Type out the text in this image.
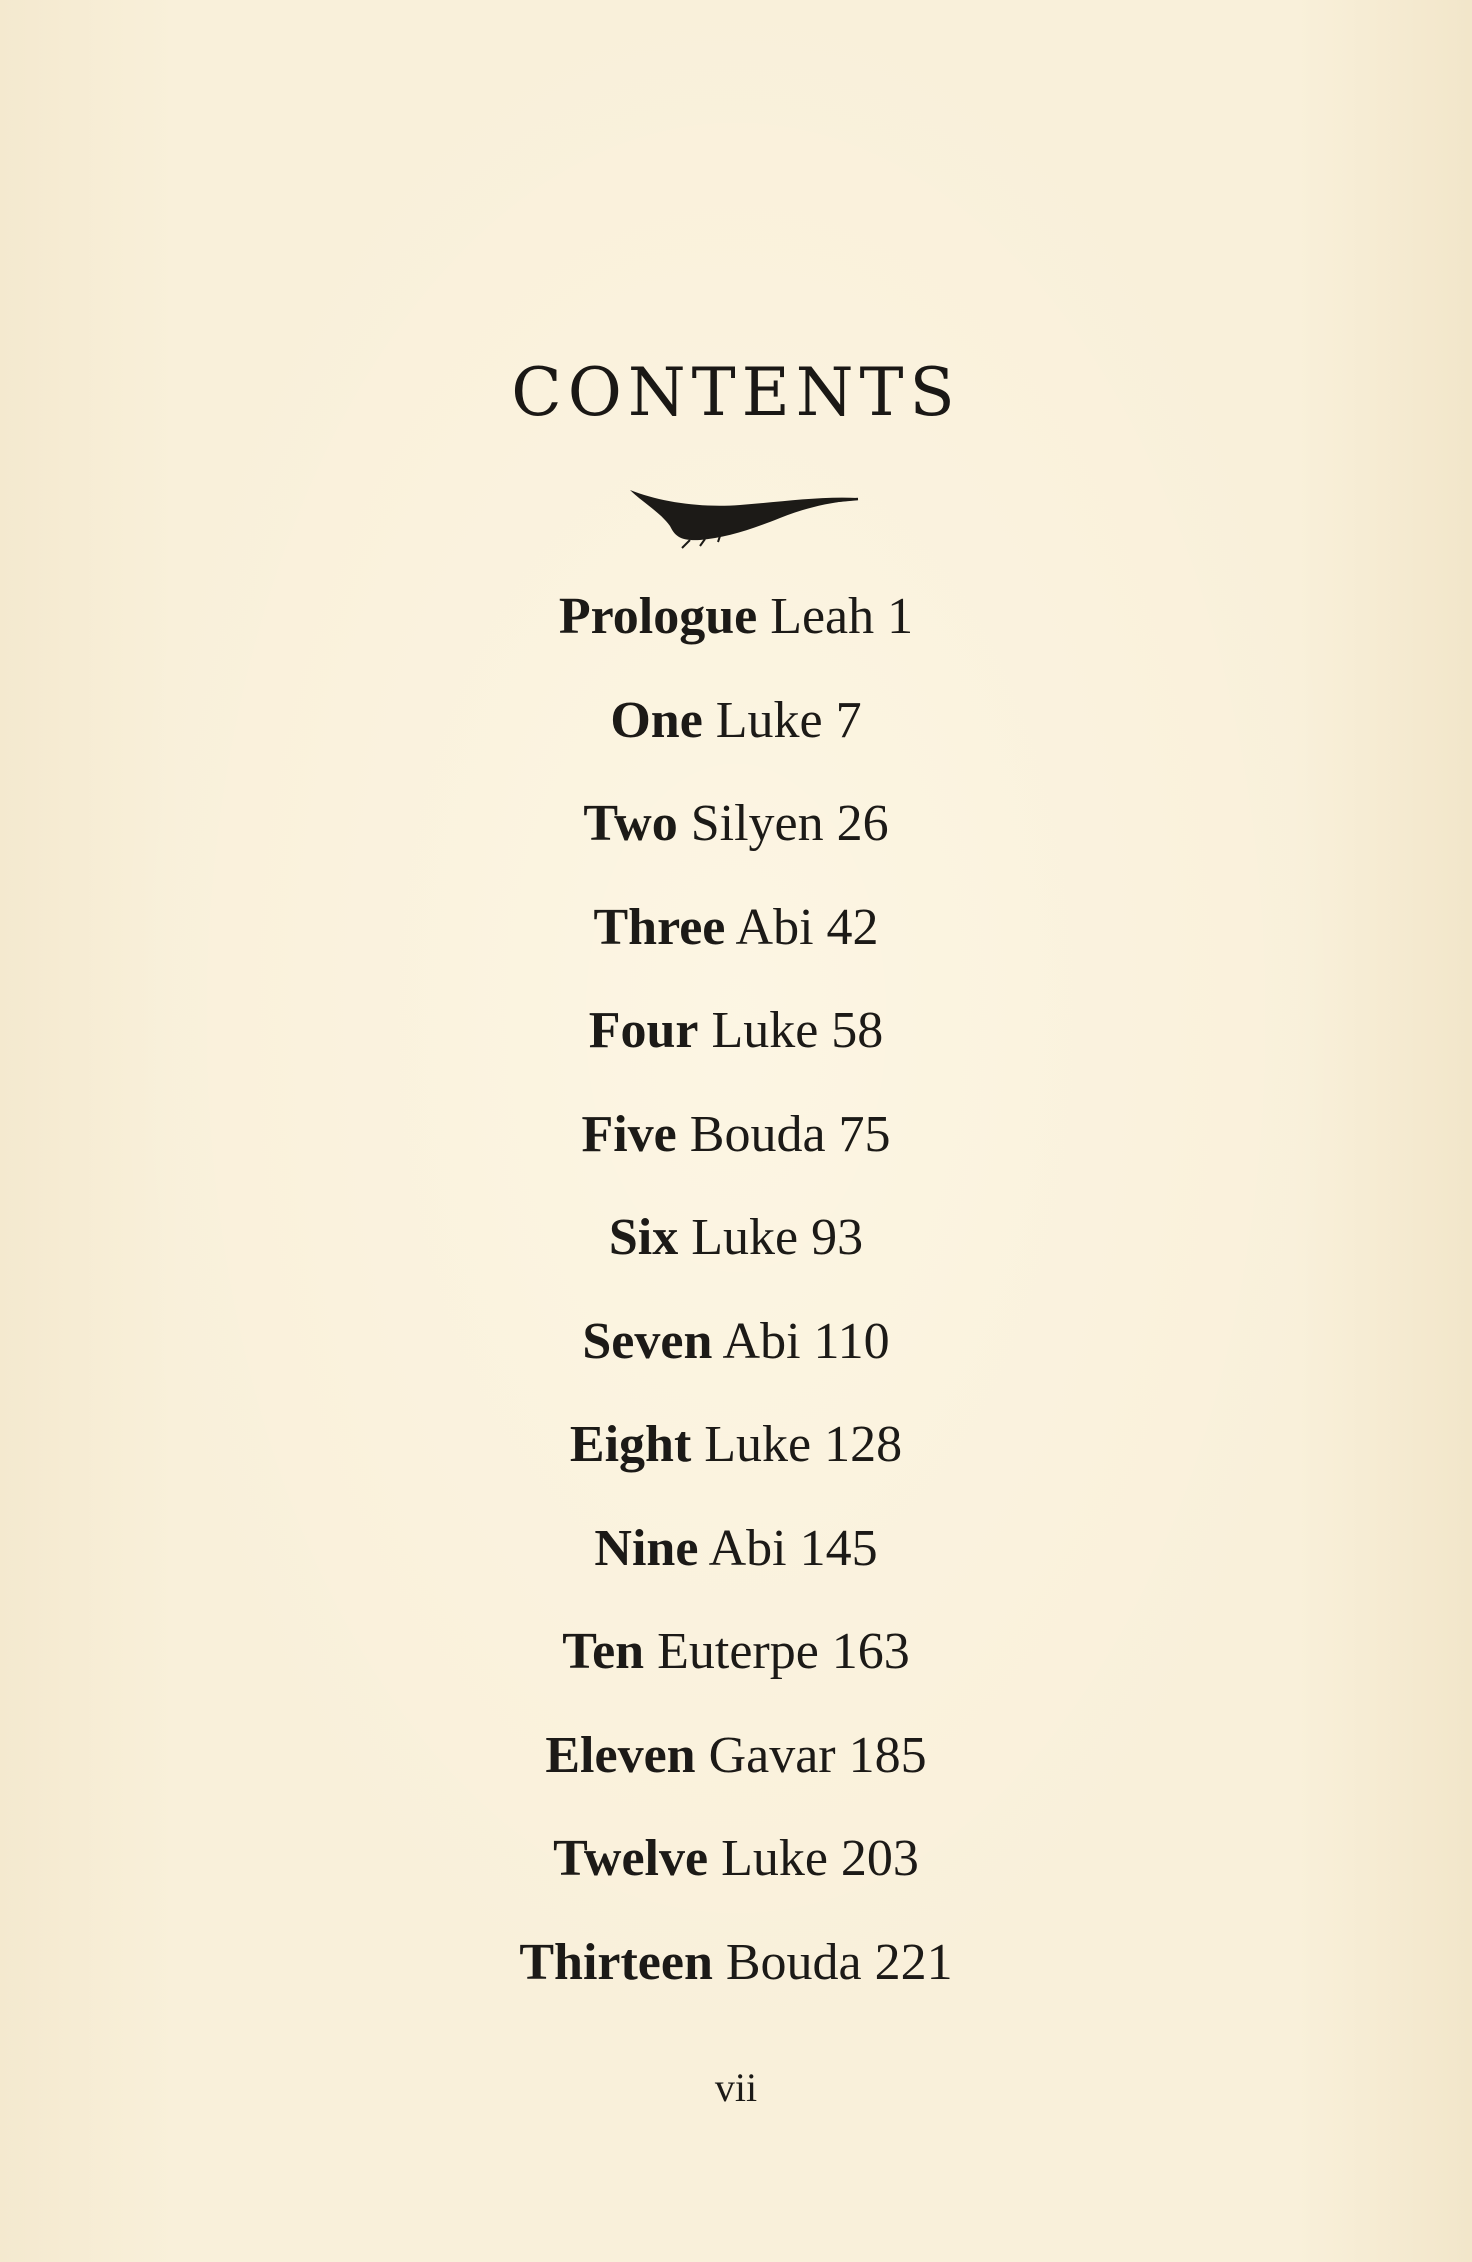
CONTENTS
Prologue Leah 1
One Luke 7
Two Silyen 26
Three Abi 42
Four Luke 58
Five Bouda 75
Six Luke 93
Seven Abi 110
Eight Luke 128
Nine Abi 145
Ten Euterpe 163
Eleven Gavar 185
Twelve Luke 203
Thirteen Bouda 221
vii
